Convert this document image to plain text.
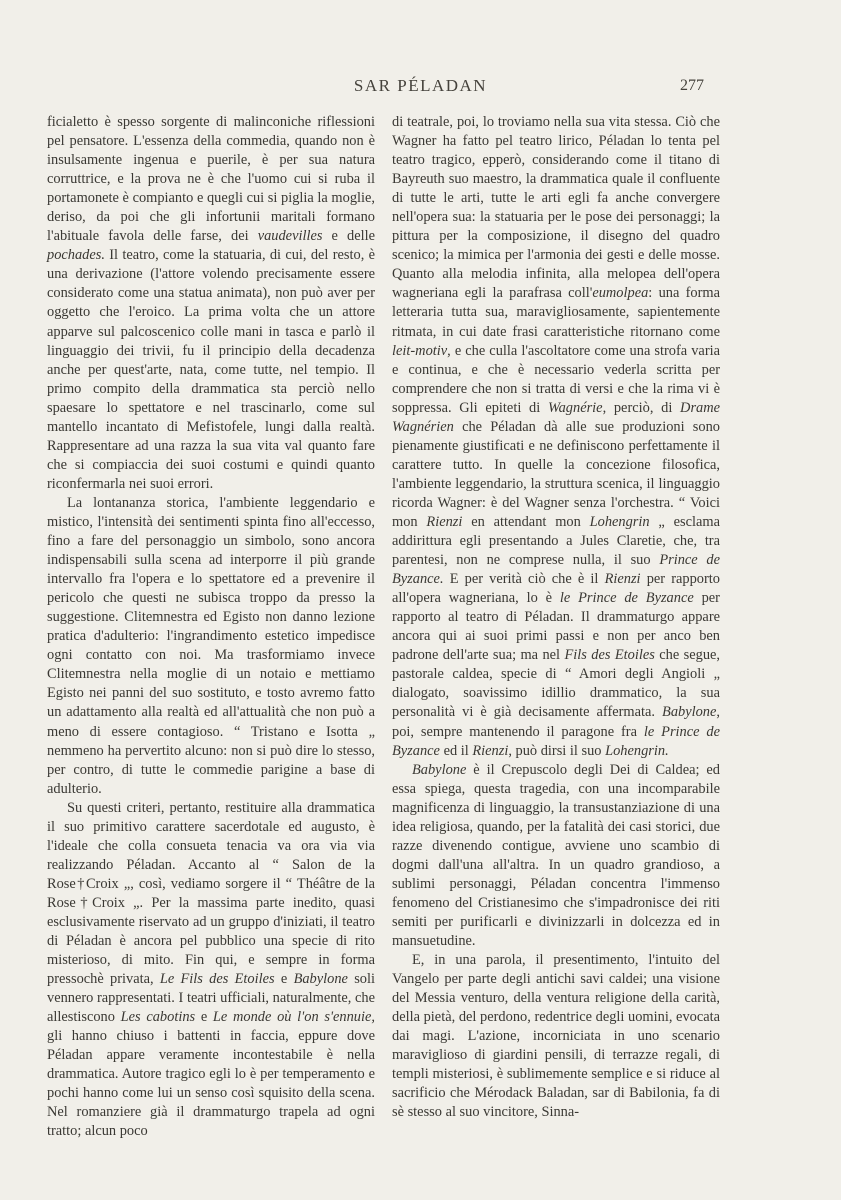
SAR PÉLADAN	277

ficialetto è spesso sorgente di malinconiche riflessioni pel pensatore. L'essenza della commedia, quando non è insulsamente ingenua e puerile, è per sua natura corruttrice, e la prova ne è che l'uomo cui si ruba il portamonete è compianto e quegli cui si piglia la moglie, deriso, da poi che gli infortunii maritali formano l'abituale favola delle farse, dei vaudevilles e delle pochades. Il teatro, come la statuaria, di cui, del resto, è una derivazione (l'attore volendo precisamente essere considerato come una statua animata), non può aver per oggetto che l'eroico. La prima volta che un attore apparve sul palcoscenico colle mani in tasca e parlò il linguaggio dei trivii, fu il principio della decadenza anche per quest'arte, nata, come tutte, nel tempio. Il primo compito della drammatica sta perciò nello spaesare lo spettatore e nel trascinarlo, come sul mantello incantato di Mefistofele, lungi dalla realtà. Rappresentare ad una razza la sua vita val quanto fare che si compiaccia dei suoi costumi e quindi quanto riconfermarla nei suoi errori.

La lontananza storica, l'ambiente leggendario e mistico, l'intensità dei sentimenti spinta fino all'eccesso, fino a fare del personaggio un simbolo, sono ancora indispensabili sulla scena ad interporre il più grande intervallo fra l'opera e lo spettatore ed a prevenire il pericolo che questi ne subisca troppo da presso la suggestione. Clitemnestra ed Egisto non danno lezione pratica d'adulterio: l'ingrandimento estetico impedisce ogni contatto con noi. Ma trasformiamo invece Clitemnestra nella moglie di un notaio e mettiamo Egisto nei panni del suo sostituto, e tosto avremo fatto un adattamento alla realtà ed all'attualità che non può a meno di essere contagioso. “ Tristano e Isotta „ nemmeno ha pervertito alcuno: non si può dire lo stesso, per contro, di tutte le commedie parigine a base di adulterio.

Su questi criteri, pertanto, restituire alla drammatica il suo primitivo carattere sacerdotale ed augusto, è l'ideale che colla consueta tenacia va ora via via realizzando Péladan. Accanto al “ Salon de la Rose†Croix „, così, vediamo sorgere il “ Théâtre de la Rose†Croix „. Per la massima parte inedito, quasi esclusivamente riservato ad un gruppo d'iniziati, il teatro di Péladan è ancora pel pubblico una specie di rito misterioso, di mito. Fin qui, e sempre in forma pressochè privata, Le Fils des Etoiles e Babylone soli vennero rappresentati. I teatri ufficiali, naturalmente, che allestiscono Les cabotins e Le monde où l'on s'ennuie, gli hanno chiuso i battenti in faccia, eppure dove Péladan appare veramente incontestabile è nella drammatica. Autore tragico egli lo è per temperamento e pochi hanno come lui un senso così squisito della scena. Nel romanziere già il drammaturgo trapela ad ogni tratto; alcun poco

di teatrale, poi, lo troviamo nella sua vita stessa. Ciò che Wagner ha fatto pel teatro lirico, Péladan lo tenta pel teatro tragico, epperò, considerando come il titano di Bayreuth suo maestro, la drammatica quale il confluente di tutte le arti, tutte le arti egli fa anche convergere nell'opera sua: la statuaria per le pose dei personaggi; la pittura per la composizione, il disegno del quadro scenico; la mimica per l'armonia dei gesti e delle mosse. Quanto alla melodia infinita, alla melopea dell'opera wagneriana egli la parafrasa coll'eumolpea: una forma letteraria tutta sua, maravigliosamente, sapientemente ritmata, in cui date frasi caratteristiche ritornano come leit-motiv, e che culla l'ascoltatore come una strofa varia e continua, e che è necessario vederla scritta per comprendere che non si tratta di versi e che la rima vi è soppressa. Gli epiteti di Wagnérie, perciò, di Drame Wagnérien che Péladan dà alle sue produzioni sono pienamente giustificati e ne definiscono perfettamente il carattere tutto. In quelle la concezione filosofica, l'ambiente leggendario, la struttura scenica, il linguaggio ricorda Wagner: è del Wagner senza l'orchestra. “ Voici mon Rienzi en attendant mon Lohengrin „ esclama addirittura egli presentando a Jules Claretie, che, tra parentesi, non ne comprese nulla, il suo Prince de Byzance. E per verità ciò che è il Rienzi per rapporto all'opera wagneriana, lo è le Prince de Byzance per rapporto al teatro di Péladan. Il drammaturgo appare ancora qui ai suoi primi passi e non per anco ben padrone dell'arte sua; ma nel Fils des Etoiles che segue, pastorale caldea, specie di “ Amori degli Angioli „ dialogato, soavissimo idillio drammatico, la sua personalità vi è già decisamente affermata. Babylone, poi, sempre mantenendo il paragone fra le Prince de Byzance ed il Rienzi, può dirsi il suo Lohengrin.

Babylone è il Crepuscolo degli Dei di Caldea; ed essa spiega, questa tragedia, con una incomparabile magnificenza di linguaggio, la transustanziazione di una idea religiosa, quando, per la fatalità dei casi storici, due razze divenendo contigue, avviene uno scambio di dogmi dall'una all'altra. In un quadro grandioso, a sublimi personaggi, Péladan concentra l'immenso fenomeno del Cristianesimo che s'impadronisce dei riti semiti per purificarli e divinizzarli in dolcezza ed in mansuetudine.

E, in una parola, il presentimento, l'intuito del Vangelo per parte degli antichi savi caldei; una visione del Messia venturo, della ventura religione della carità, della pietà, del perdono, redentrice degli uomini, evocata dai magi. L'azione, incorniciata in uno scenario maraviglioso di giardini pensili, di terrazze regali, di templi misteriosi, è sublimemente semplice e si riduce al sacrificio che Mérodack Baladan, sar di Babilonia, fa di sè stesso al suo vincitore, Sinna-
